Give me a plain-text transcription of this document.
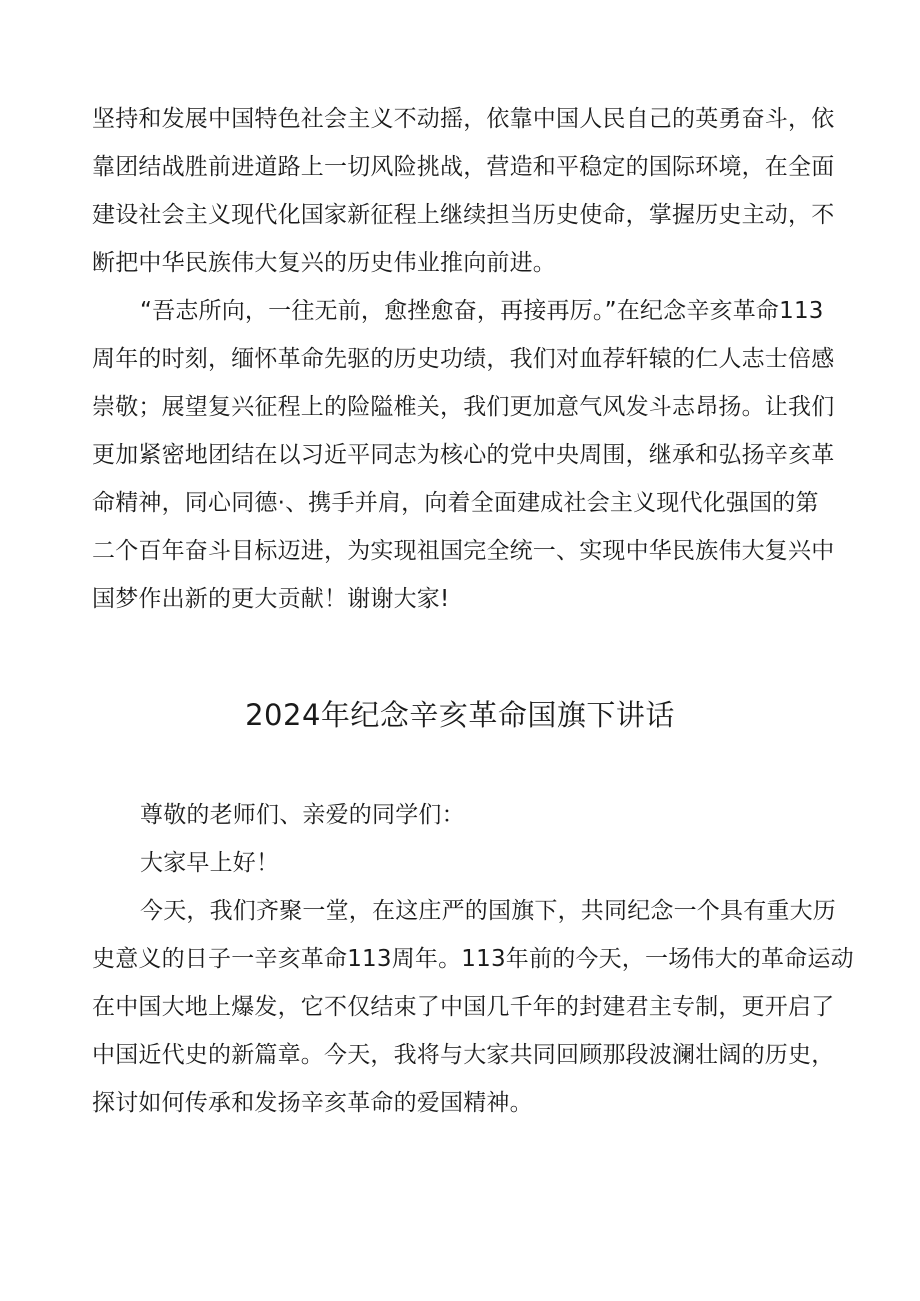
坚持和发展中国特色社会主义不动摇，依靠中国人民自己的英勇奋斗，依
靠团结战胜前进道路上一切风险挑战，营造和平稳定的国际环境，在全面
建设社会主义现代化国家新征程上继续担当历史使命，掌握历史主动，不
断把中华民族伟大复兴的历史伟业推向前进。
“吾志所向，一往无前，愈挫愈奋，再接再厉。”在纪念辛亥革命113
周年的时刻，缅怀革命先驱的历史功绩，我们对血荐轩辕的仁人志士倍感
崇敬；展望复兴征程上的险隘椎关，我们更加意气风发斗志昂扬。让我们
更加紧密地团结在以习近平同志为核心的党中央周围，继承和弘扬辛亥革
命精神，同心同德·、携手并肩，向着全面建成社会主义现代化强国的第
二个百年奋斗目标迈进，为实现祖国完全统一、实现中华民族伟大复兴中
国梦作出新的更大贡献！谢谢大家!
2024年纪念辛亥革命国旗下讲话
尊敬的老师们、亲爱的同学们：
大家早上好！
今天，我们齐聚一堂，在这庄严的国旗下，共同纪念一个具有重大历
史意义的日子一辛亥革命113周年。113年前的今天，一场伟大的革命运动
在中国大地上爆发，它不仅结束了中国几千年的封建君主专制，更开启了
中国近代史的新篇章。今天，我将与大家共同回顾那段波澜壮阔的历史，
探讨如何传承和发扬辛亥革命的爱国精神。
